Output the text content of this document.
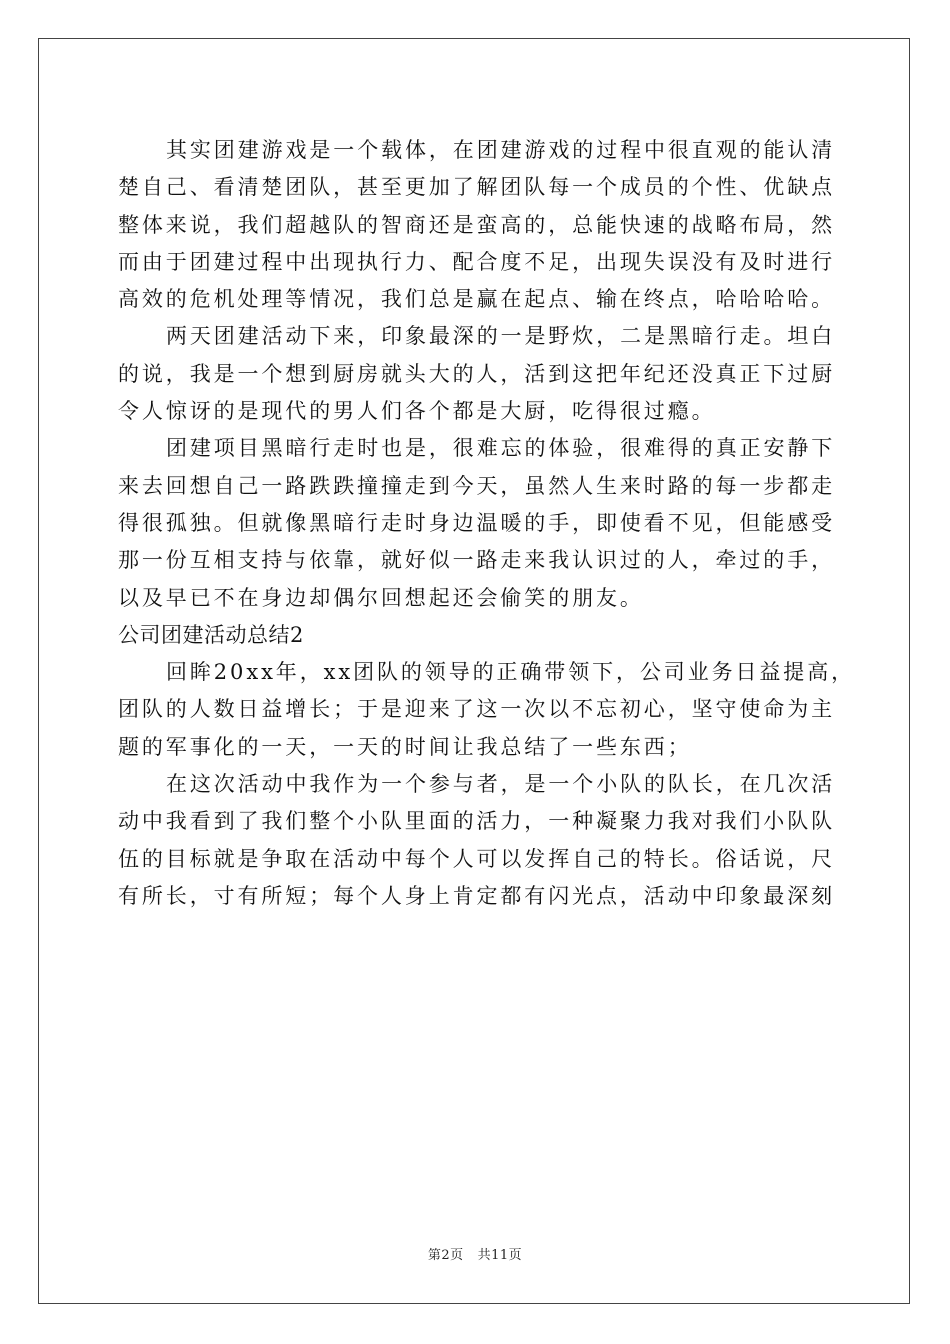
其实团建游戏是一个载体，在团建游戏的过程中很直观的能认清
楚自己、看清楚团队，甚至更加了解团队每一个成员的个性、优缺点
整体来说，我们超越队的智商还是蛮高的，总能快速的战略布局，然
而由于团建过程中出现执行力、配合度不足，出现失误没有及时进行
高效的危机处理等情况，我们总是赢在起点、输在终点，哈哈哈哈。

两天团建活动下来，印象最深的一是野炊，二是黑暗行走。坦白
的说，我是一个想到厨房就头大的人，活到这把年纪还没真正下过厨
令人惊讶的是现代的男人们各个都是大厨，吃得很过瘾。

团建项目黑暗行走时也是，很难忘的体验，很难得的真正安静下
来去回想自己一路跌跌撞撞走到今天，虽然人生来时路的每一步都走
得很孤独。但就像黑暗行走时身边温暖的手，即使看不见，但能感受
那一份互相支持与依靠，就好似一路走来我认识过的人，牵过的手，
以及早已不在身边却偶尔回想起还会偷笑的朋友。

公司团建活动总结2

回眸20xx年，xx团队的领导的正确带领下，公司业务日益提高，
团队的人数日益增长；于是迎来了这一次以不忘初心，坚守使命为主
题的军事化的一天，一天的时间让我总结了一些东西；

在这次活动中我作为一个参与者，是一个小队的队长，在几次活
动中我看到了我们整个小队里面的活力，一种凝聚力我对我们小队队
伍的目标就是争取在活动中每个人可以发挥自己的特长。俗话说，尺
有所长，寸有所短；每个人身上肯定都有闪光点，活动中印象最深刻

第2页 共11页
